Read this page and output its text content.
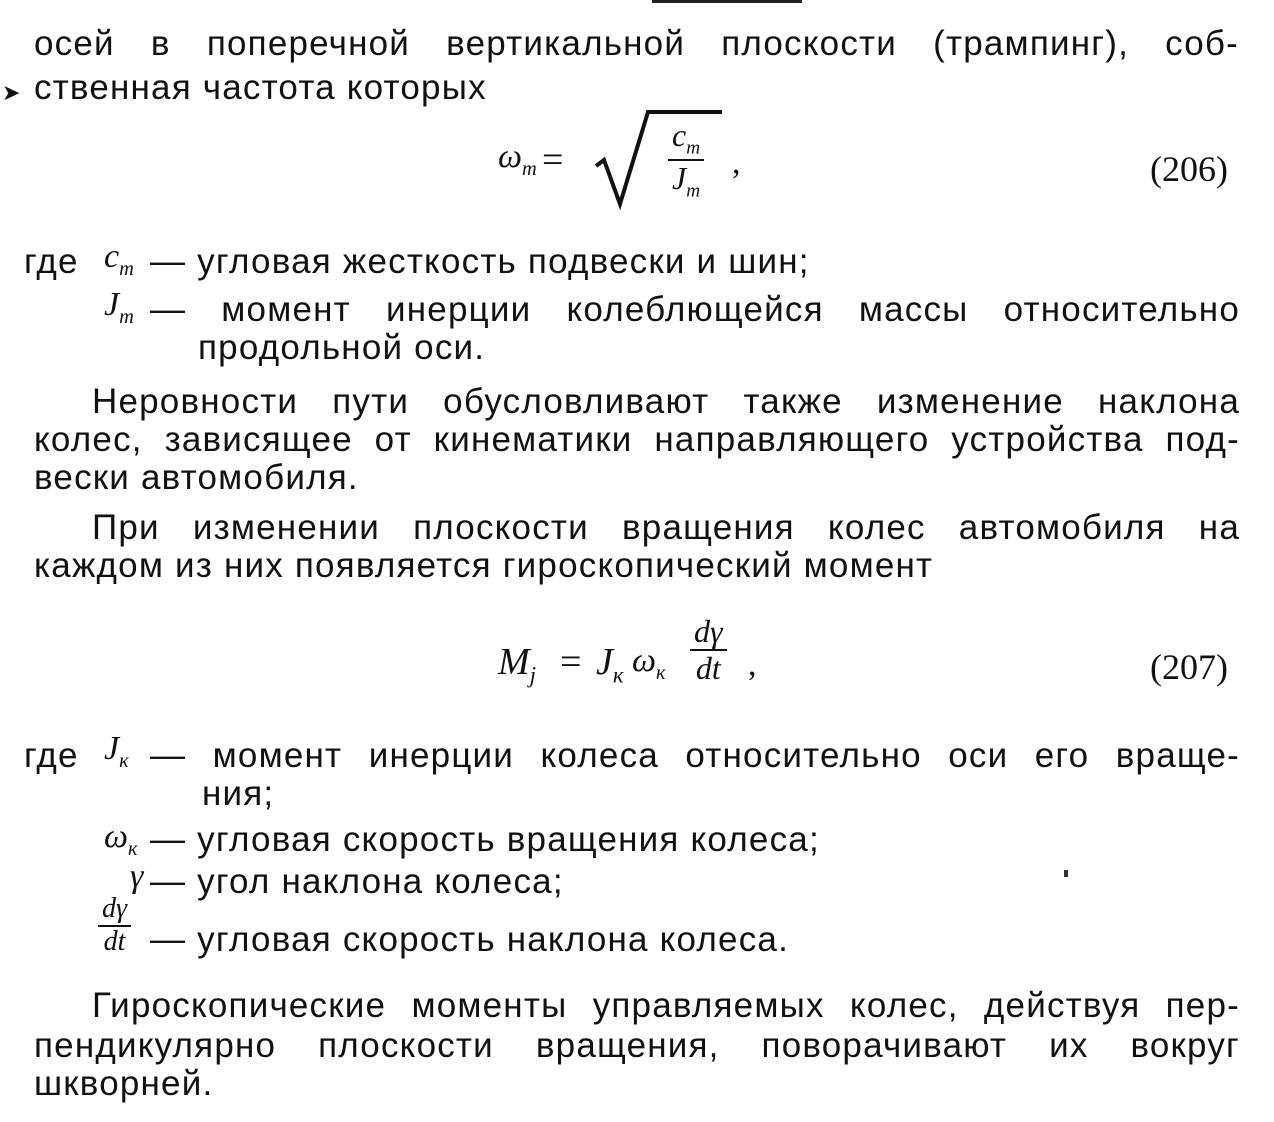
➤
осей в поперечной вертикальной плоскости (трампинг), соб-
ственная частота которых
$\omega_т$ =
$c_т$
$J_т$
,	(206)
где $c_т$ — угловая жесткость подвески и шин;
$J_т$ — момент инерции колеблющейся массы относительно
продольной оси.
Неровности пути обусловливают также изменение наклона
колес, зависящее от кинематики направляющего устройства под-
вески автомобиля.
При изменении плоскости вращения колес автомобиля на
каждом из них появляется гироскопический момент
$M_j = J_к$ $\omega_к \frac{d\gamma}{dt}$ ,	(207)
где $J_к$ — момент инерции колеса относительно оси его враще-
ния;
$\omega_к$ — угловая скорость вращения колеса;
γ — угол наклона колеса;
$\frac{d\gamma}{dt}$ — угловая скорость наклона колеса.
Гироскопические моменты управляемых колес, действуя пер-
пендикулярно плоскости вращения, поворачивают их вокруг
шкворней.
